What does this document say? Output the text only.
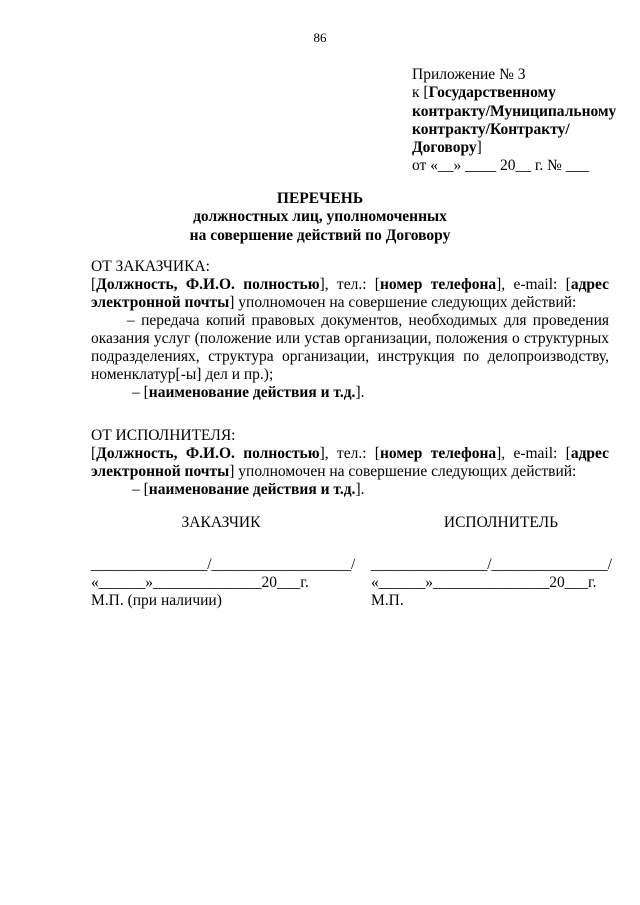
86
Приложение № 3
к [Государственному контракту/Муниципальному контракту/Контракту/ Договору]
от «__» ____ 20__ г. № ___
ПЕРЕЧЕНЬ
должностных лиц, уполномоченных
на совершение действий по Договору

ОТ ЗАКАЗЧИКА:

[Должность, Ф.И.О. полностью], тел.: [номер телефона], e-mail: [адрес электронной почты] уполномочен на совершение следующих действий:

– передача копий правовых документов, необходимых для проведения оказания услуг (положение или устав организации, положения о структурных подразделениях, структура организации, инструкция по делопроизводству, номенклатур[-ы] дел и пр.);

– [наименование действия и т.д.].

ОТ ИСПОЛНИТЕЛЯ:

[Должность, Ф.И.О. полностью], тел.: [номер телефона], e-mail: [адрес электронной почты] уполномочен на совершение следующих действий:

– [наименование действия и т.д.].

ЗАКАЗЧИК
_______________/__________________/
«______»______________20___г.
М.П. (при наличии)
ИСПОЛНИТЕЛЬ
_______________/_______________/
«______»_______________20___г.
М.П.
